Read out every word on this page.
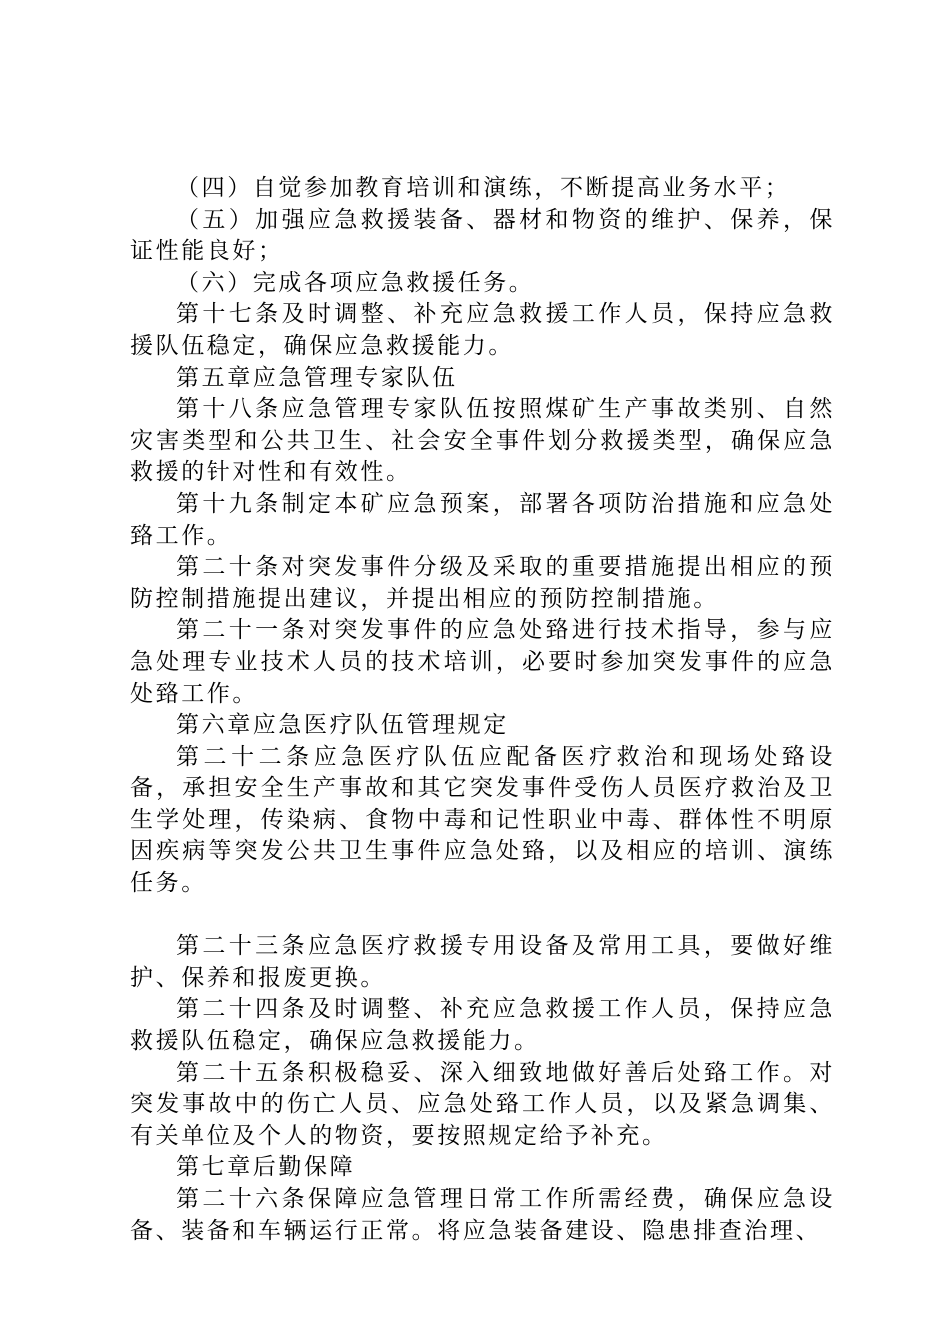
（四）自觉参加教育培训和演练，不断提高业务水平；

（五）加强应急救援装备、器材和物资的维护、保养，保证性能良好；

（六）完成各项应急救援任务。

第十七条及时调整、补充应急救援工作人员，保持应急救援队伍稳定，确保应急救援能力。

第五章应急管理专家队伍

第十八条应急管理专家队伍按照煤矿生产事故类别、自然灾害类型和公共卫生、社会安全事件划分救援类型，确保应急救援的针对性和有效性。

第十九条制定本矿应急预案，部署各项防治措施和应急处臵工作。

第二十条对突发事件分级及采取的重要措施提出相应的预防控制措施提出建议，并提出相应的预防控制措施。

第二十一条对突发事件的应急处臵进行技术指导，参与应急处理专业技术人员的技术培训，必要时参加突发事件的应急处臵工作。

第六章应急医疗队伍管理规定

第二十二条应急医疗队伍应配备医疗救治和现场处臵设备，承担安全生产事故和其它突发事件受伤人员医疗救治及卫生学处理，传染病、食物中毒和记性职业中毒、群体性不明原因疾病等突发公共卫生事件应急处臵，以及相应的培训、演练任务。

第二十三条应急医疗救援专用设备及常用工具，要做好维护、保养和报废更换。

第二十四条及时调整、补充应急救援工作人员，保持应急救援队伍稳定，确保应急救援能力。

第二十五条积极稳妥、深入细致地做好善后处臵工作。对突发事故中的伤亡人员、应急处臵工作人员，以及紧急调集、有关单位及个人的物资，要按照规定给予补充。

第七章后勤保障

第二十六条保障应急管理日常工作所需经费，确保应急设备、装备和车辆运行正常。将应急装备建设、隐患排查治理、
